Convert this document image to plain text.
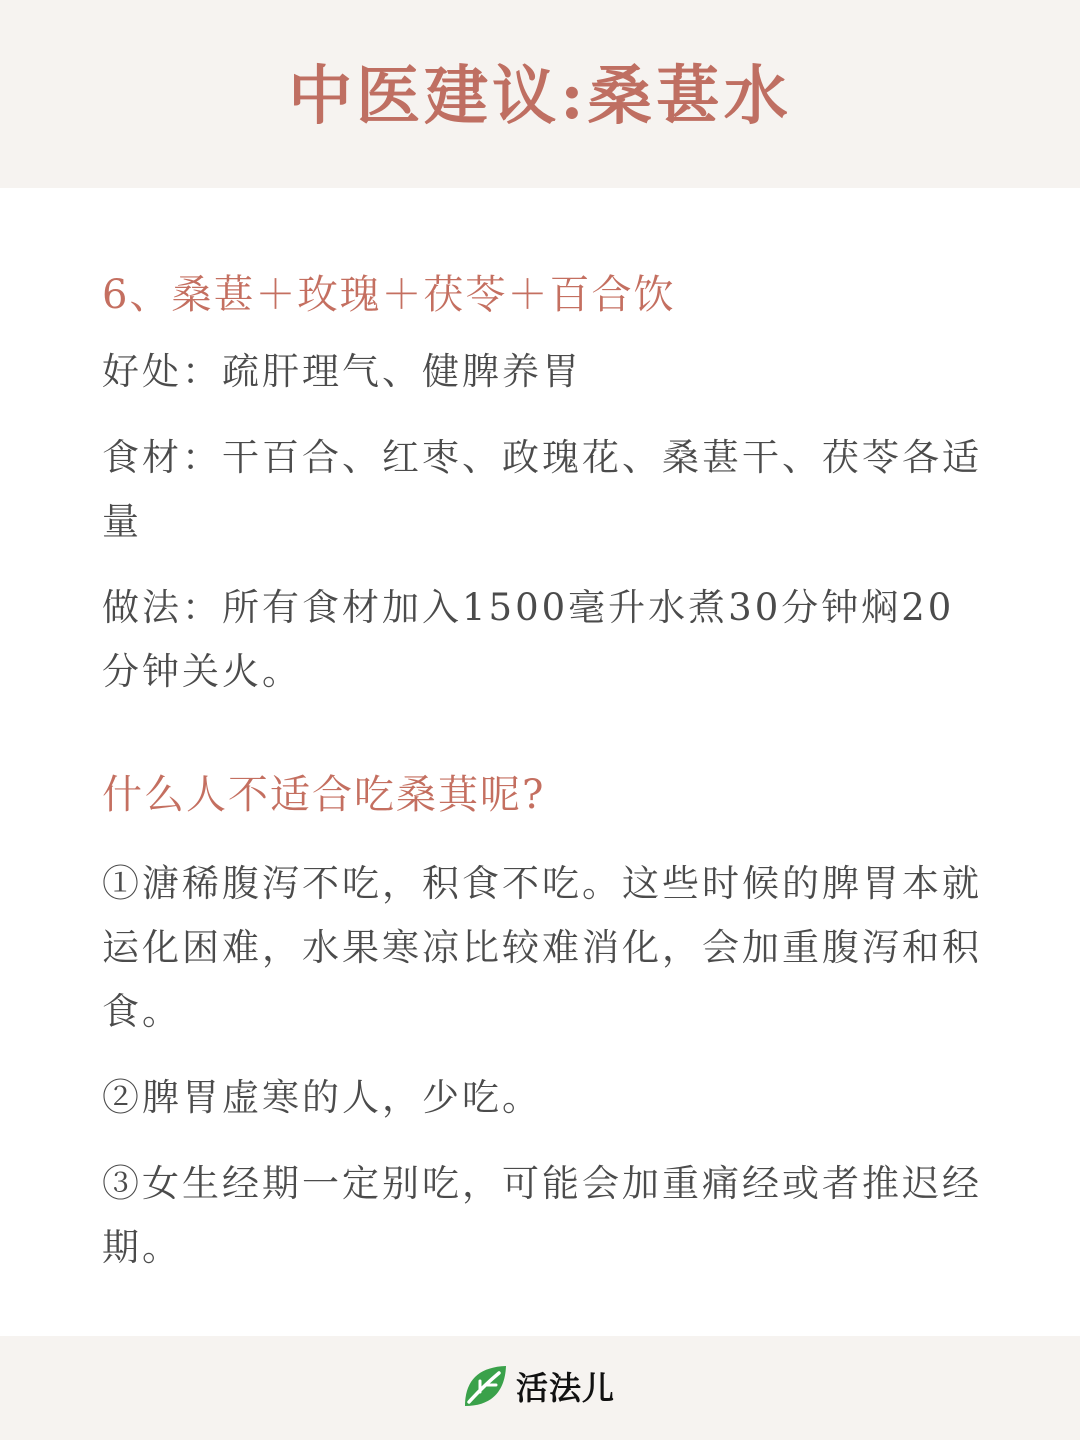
中医建议:桑葚水

6、桑葚＋玫瑰＋茯苓＋百合饮

好处：疏肝理气、健脾养胃

食材：干百合、红枣、政瑰花、桑葚干、茯苓各适量

做法：所有食材加入1500毫升水煮30分钟焖20分钟关火。

什么人不适合吃桑萁呢?

①溏稀腹泻不吃，积食不吃。这些时候的脾胃本就运化困难，水果寒凉比较难消化，会加重腹泻和积食。

②脾胃虚寒的人，少吃。

③女生经期一定别吃，可能会加重痛经或者推迟经期。

活法儿
